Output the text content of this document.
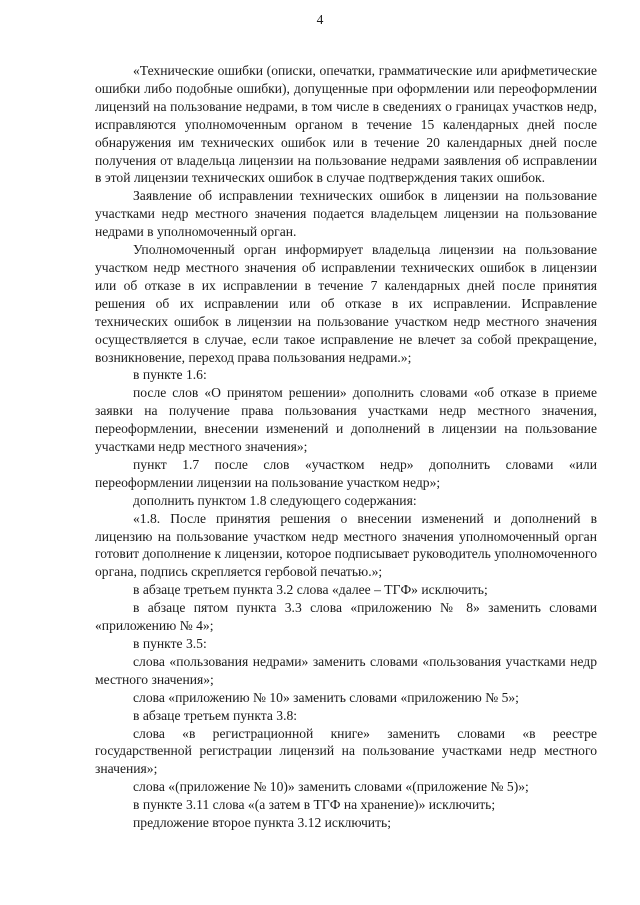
4

«Технические ошибки (описки, опечатки, грамматические или арифметические ошибки либо подобные ошибки), допущенные при оформлении или переоформлении лицензий на пользование недрами, в том числе в сведениях о границах участков недр, исправляются уполномоченным органом в течение 15 календарных дней после обнаружения им технических ошибок или в течение 20 календарных дней после получения от владельца лицензии на пользование недрами заявления об исправлении в этой лицензии технических ошибок в случае подтверждения таких ошибок.

Заявление об исправлении технических ошибок в лицензии на пользование участками недр местного значения подается владельцем лицензии на пользование недрами в уполномоченный орган.

Уполномоченный орган информирует владельца лицензии на пользование участком недр местного значения об исправлении технических ошибок в лицензии или об отказе в их исправлении в течение 7 календарных дней после принятия решения об их исправлении или об отказе в их исправлении. Исправление технических ошибок в лицензии на пользование участком недр местного значения осуществляется в случае, если такое исправление не влечет за собой прекращение, возникновение, переход права пользования недрами.»;

в пункте 1.6:

после слов «О принятом решении» дополнить словами «об отказе в приеме заявки на получение права пользования участками недр местного значения, переоформлении, внесении изменений и дополнений в лицензии на пользование участками недр местного значения»;

пункт 1.7 после слов «участком недр» дополнить словами «или переоформлении лицензии на пользование участком недр»;

дополнить пунктом 1.8 следующего содержания:

«1.8. После принятия решения о внесении изменений и дополнений в лицензию на пользование участком недр местного значения уполномоченный орган готовит дополнение к лицензии, которое подписывает руководитель уполномоченного органа, подпись скрепляется гербовой печатью.»;

в абзаце третьем пункта 3.2 слова «далее – ТГФ» исключить;

в абзаце пятом пункта 3.3 слова «приложению № 8» заменить словами «приложению № 4»;

в пункте 3.5:

слова «пользования недрами» заменить словами «пользования участками недр местного значения»;

слова «приложению № 10» заменить словами «приложению № 5»;

в абзаце третьем пункта 3.8:

слова «в регистрационной книге» заменить словами «в реестре государственной регистрации лицензий на пользование участками недр местного значения»;

слова «(приложение № 10)» заменить словами «(приложение № 5)»;

в пункте 3.11 слова «(а затем в ТГФ на хранение)» исключить;

предложение второе пункта 3.12 исключить;
